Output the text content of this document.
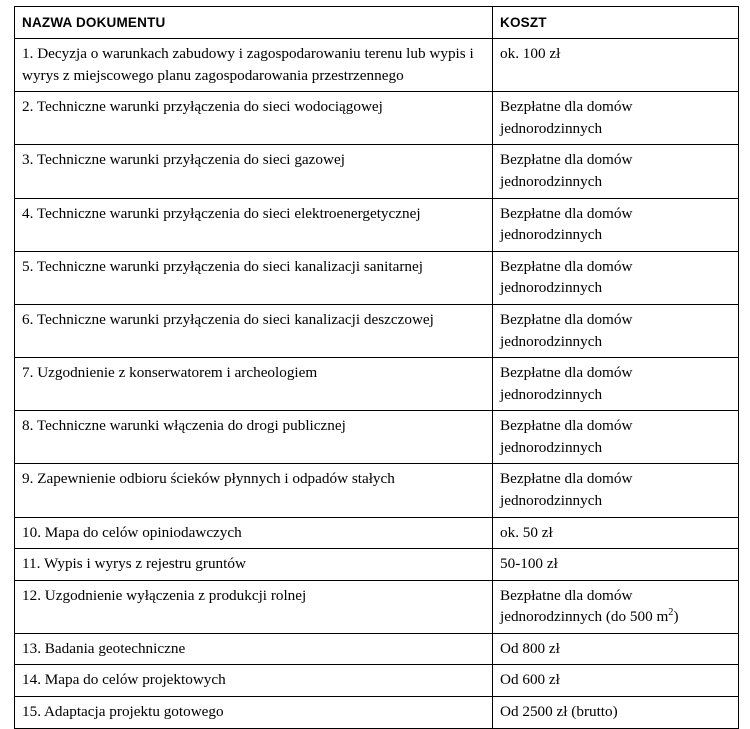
NAZWA DOKUMENTU	KOSZT
1. Decyzja o warunkach zabudowy i zagospodarowaniu terenu lub wypis i wyrys z miejscowego planu zagospodarowania przestrzennego	ok. 100 zł
2. Techniczne warunki przyłączenia do sieci wodociągowej	Bezpłatne dla domów jednorodzinnych
3. Techniczne warunki przyłączenia do sieci gazowej	Bezpłatne dla domów jednorodzinnych
4. Techniczne warunki przyłączenia do sieci elektroenergetycznej	Bezpłatne dla domów jednorodzinnych
5. Techniczne warunki przyłączenia do sieci kanalizacji sanitarnej	Bezpłatne dla domów jednorodzinnych
6. Techniczne warunki przyłączenia do sieci kanalizacji deszczowej	Bezpłatne dla domów jednorodzinnych
7. Uzgodnienie z konserwatorem i archeologiem	Bezpłatne dla domów jednorodzinnych
8. Techniczne warunki włączenia do drogi publicznej	Bezpłatne dla domów jednorodzinnych
9. Zapewnienie odbioru ścieków płynnych i odpadów stałych	Bezpłatne dla domów jednorodzinnych
10. Mapa do celów opiniodawczych	ok. 50 zł
11. Wypis i wyrys z rejestru gruntów	50-100 zł
12. Uzgodnienie wyłączenia z produkcji rolnej	Bezpłatne dla domów
jednorodzinnych (do 500 $m^2$)

13. Badania geotechniczne	Od 800 zł
14. Mapa do celów projektowych	Od 600 zł
15. Adaptacja projektu gotowego	Od 2500 zł (brutto)
